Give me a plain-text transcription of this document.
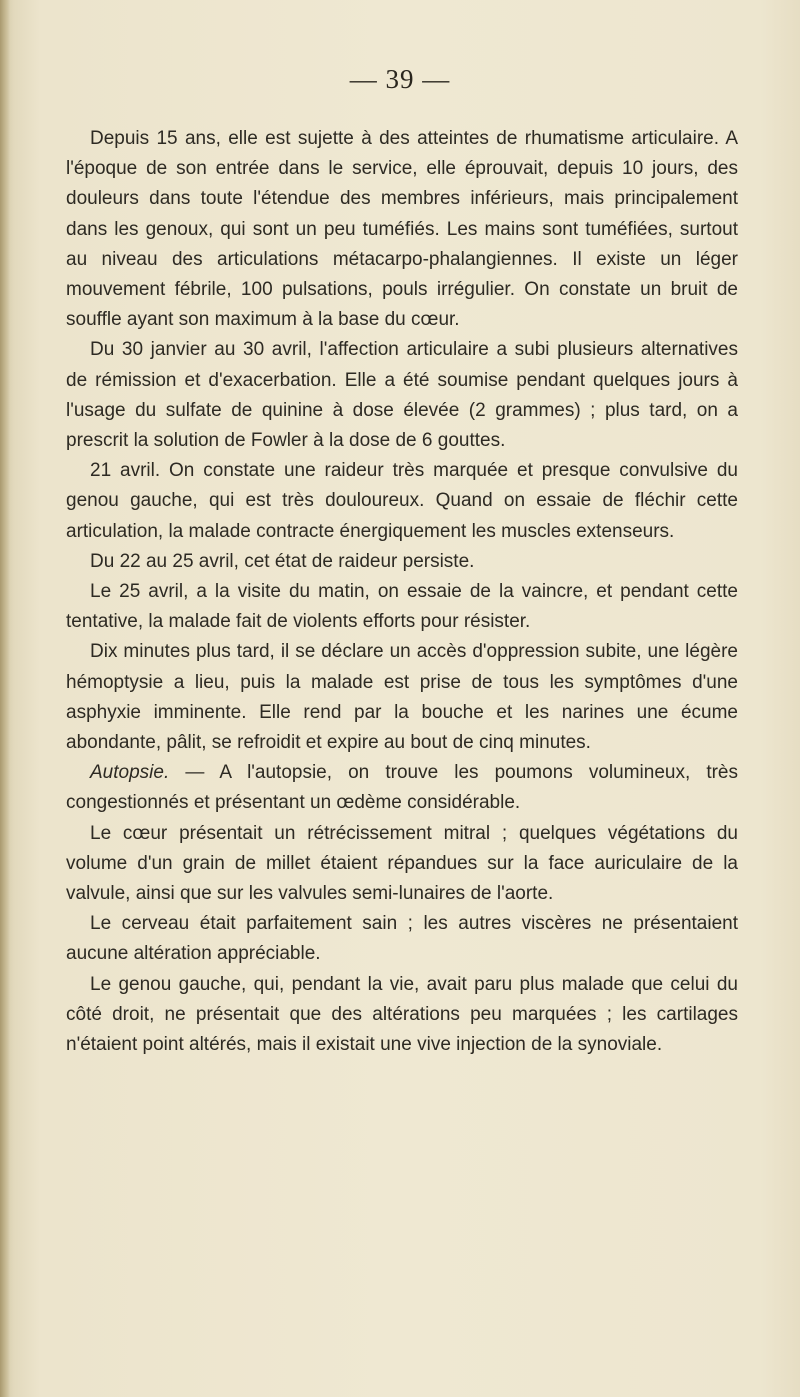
— 39 —

Depuis 15 ans, elle est sujette à des atteintes de rhumatisme articulaire. A l'époque de son entrée dans le service, elle éprouvait, depuis 10 jours, des douleurs dans toute l'étendue des membres inférieurs, mais principalement dans les genoux, qui sont un peu tuméfiés. Les mains sont tuméfiées, surtout au niveau des articulations métacarpo-phalangiennes. Il existe un léger mouvement fébrile, 100 pulsations, pouls irrégulier. On constate un bruit de souffle ayant son maximum à la base du cœur.

Du 30 janvier au 30 avril, l'affection articulaire a subi plusieurs alternatives de rémission et d'exacerbation. Elle a été soumise pendant quelques jours à l'usage du sulfate de quinine à dose élevée (2 grammes) ; plus tard, on a prescrit la solution de Fowler à la dose de 6 gouttes.

21 avril. On constate une raideur très marquée et presque convulsive du genou gauche, qui est très douloureux. Quand on essaie de fléchir cette articulation, la malade contracte énergiquement les muscles extenseurs.

Du 22 au 25 avril, cet état de raideur persiste.

Le 25 avril, a la visite du matin, on essaie de la vaincre, et pendant cette tentative, la malade fait de violents efforts pour résister.

Dix minutes plus tard, il se déclare un accès d'oppression subite, une légère hémoptysie a lieu, puis la malade est prise de tous les symptômes d'une asphyxie imminente. Elle rend par la bouche et les narines une écume abondante, pâlit, se refroidit et expire au bout de cinq minutes.

Autopsie. — A l'autopsie, on trouve les poumons volumineux, très congestionnés et présentant un œdème considérable.

Le cœur présentait un rétrécissement mitral ; quelques végétations du volume d'un grain de millet étaient répandues sur la face auriculaire de la valvule, ainsi que sur les valvules semi-lunaires de l'aorte.

Le cerveau était parfaitement sain ; les autres viscères ne présentaient aucune altération appréciable.

Le genou gauche, qui, pendant la vie, avait paru plus malade que celui du côté droit, ne présentait que des altérations peu marquées ; les cartilages n'étaient point altérés, mais il existait une vive injection de la synoviale.
